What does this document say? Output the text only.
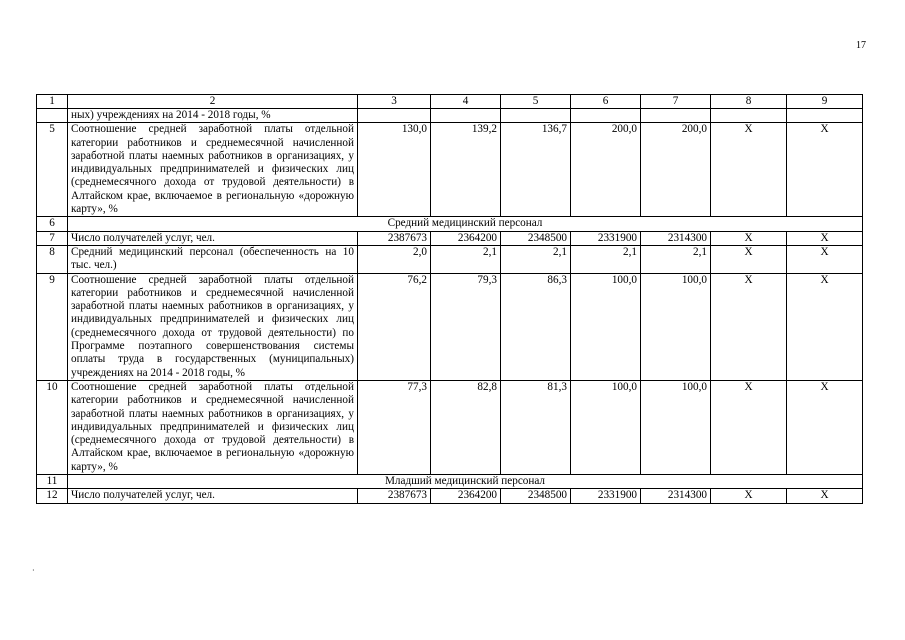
17
1	2	3	4	5	6	7	8	9
	ных) учреждениях на 2014 - 2018 годы, %							
5	Соотношение средней заработной платы отдельной категории работников и среднемесячной начисленной заработной платы наемных работников в организациях, у индивидуальных предпринимателей и физических лиц (среднемесячного дохода от трудовой деятельности) в Алтайском крае, включаемое в региональную «дорожную карту», %	130,0	139,2	136,7	200,0	200,0	X	X
6	Средний медицинский персонал							
7	Число получателей услуг, чел.	2387673	2364200	2348500	2331900	2314300	X	X
8	Средний медицинский персонал (обеспеченность на 10 тыс. чел.)	2,0	2,1	2,1	2,1	2,1	X	X
9	Соотношение средней заработной платы отдельной категории работников и среднемесячной начисленной заработной платы наемных работников в организациях, у индивидуальных предпринимателей и физических лиц (среднемесячного дохода от трудовой деятельности) по Программе поэтапного совершенствования системы оплаты труда в государственных (муниципальных) учреждениях на 2014 - 2018 годы, %	76,2	79,3	86,3	100,0	100,0	X	X
10	Соотношение средней заработной платы отдельной категории работников и среднемесячной начисленной заработной платы наемных работников в организациях, у индивидуальных предпринимателей и физических лиц (среднемесячного дохода от трудовой деятельности) в Алтайском крае, включаемое в региональную «дорожную карту», %	77,3	82,8	81,3	100,0	100,0	X	X
11	Младший медицинский персонал							
12	Число получателей услуг, чел.	2387673	2364200	2348500	2331900	2314300	X	X
·
